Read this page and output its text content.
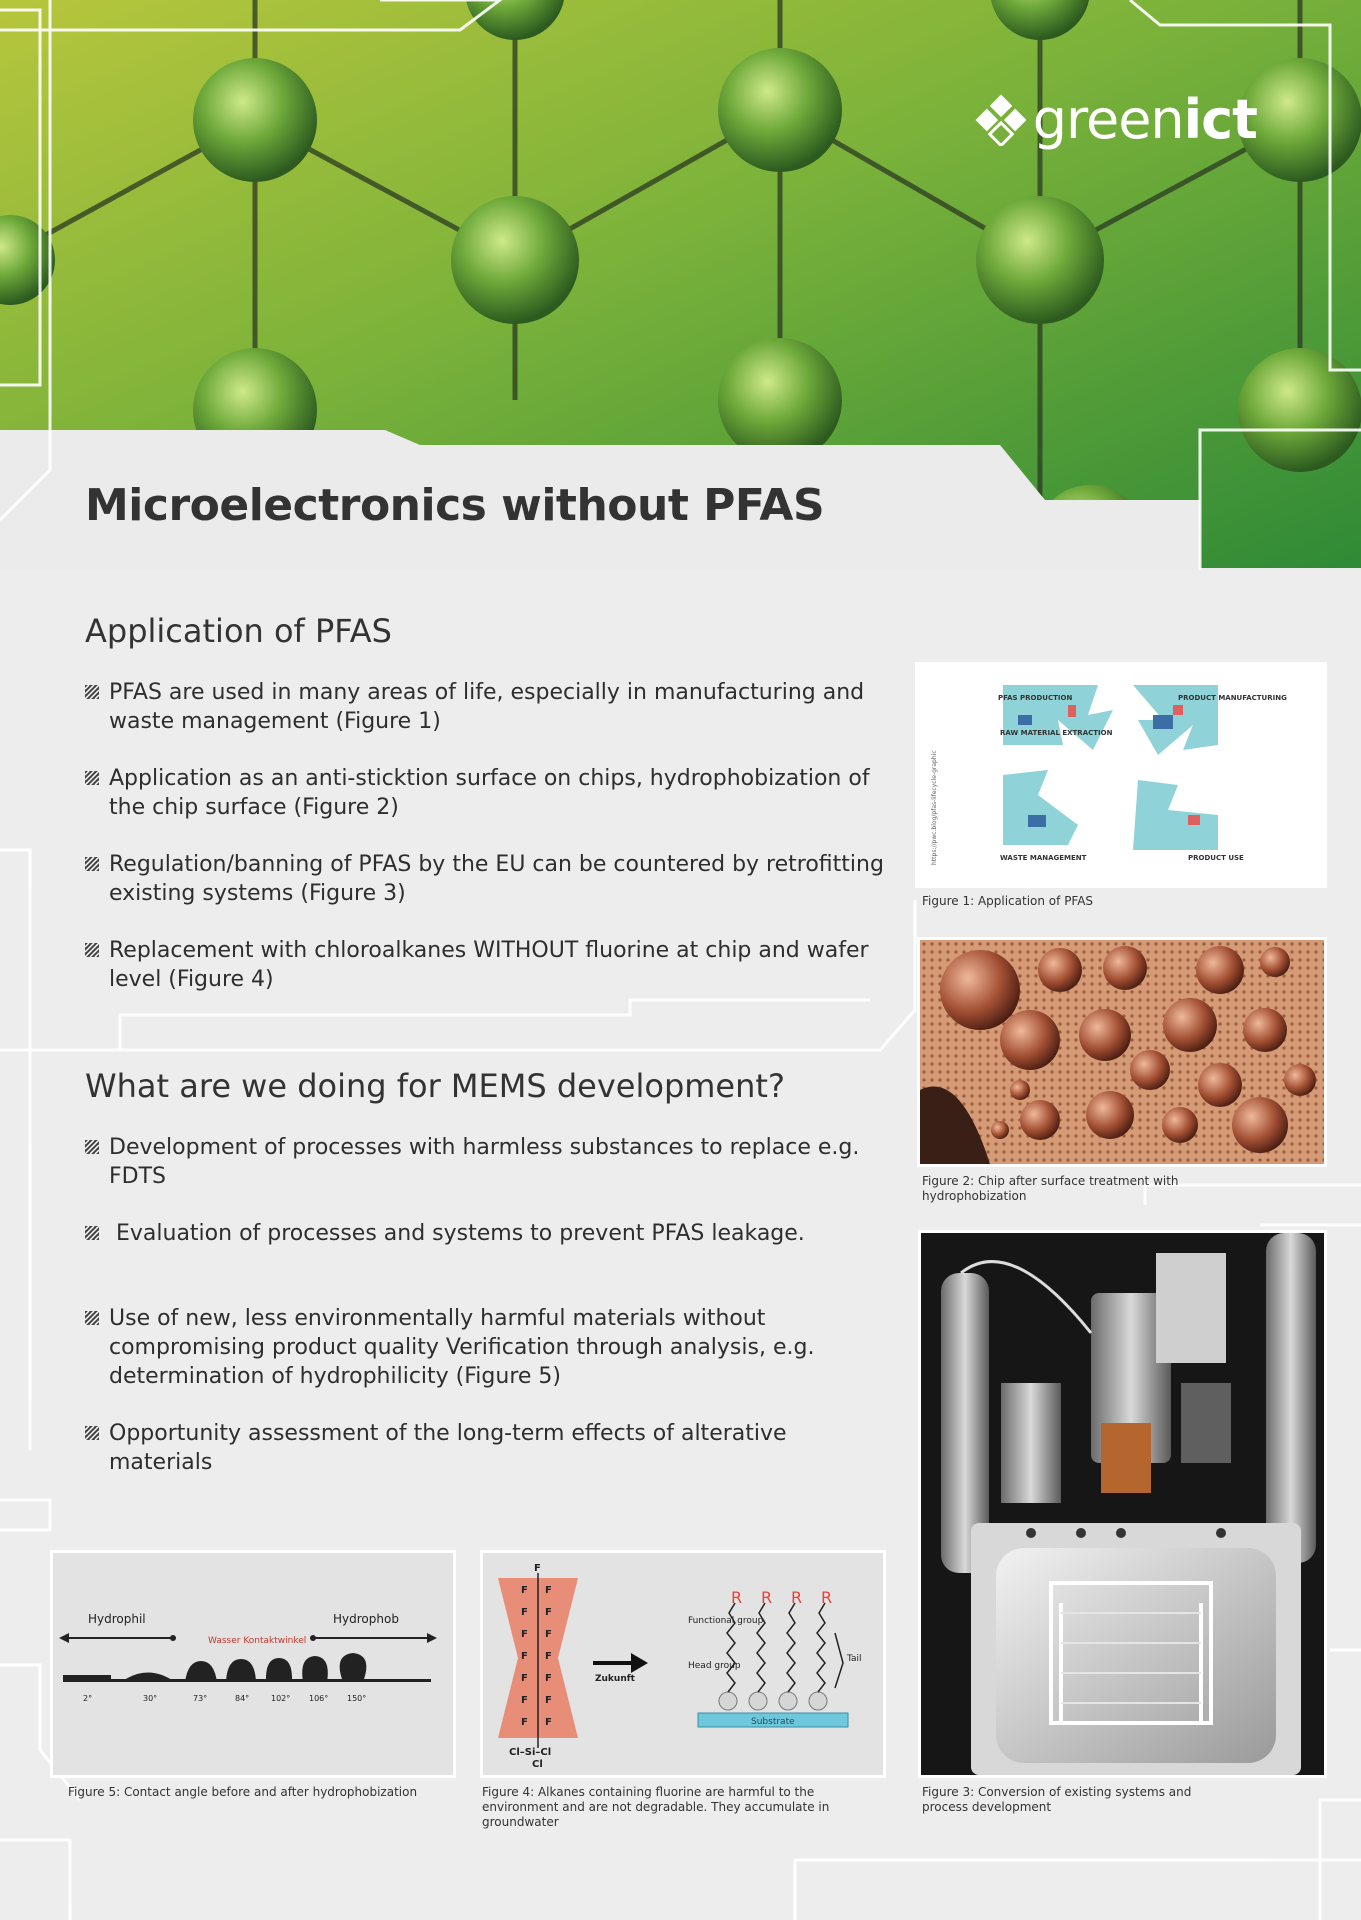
green ict
Microelectronics without PFAS
Application of PFAS
PFAS are used in many areas of life, especially in manufacturing and waste management (Figure 1)
Application as an anti-sticktion surface on chips, hydrophobization of the chip surface (Figure 2)
Regulation/banning of PFAS by the EU can be countered by retrofitting existing systems (Figure 3)
Replacement with chloroalkanes WITHOUT fluorine at chip and wafer level (Figure 4)
What are we doing for MEMS development?
Development of processes with harmless substances to replace e.g. FDTS
Evaluation of processes and systems to prevent PFAS leakage.
Use of new, less environmentally harmful materials without compromising product quality Verification through analysis, e.g. determination of hydrophilicity (Figure 5)
Opportunity assessment of the long-term effects of alterative materials
PFAS PRODUCTION
RAW MATERIAL EXTRACTION
PRODUCT MANUFACTURING
WASTE MANAGEMENT	PRODUCT USE
https://pwc.blog/pfas-lifecycle-graphic
Figure 1: Application of PFAS
Figure 2: Chip after surface treatment with hydrophobization
Figure 3: Conversion of existing systems and process development
Hydrophil	Hydrophob
Wasser Kontaktwinkel
2°	30°	73°	84°	102° 106° 150°
Figure 5: Contact angle before and after hydrophobization
F
F F
F F
F F
F F
F F
F F
F F
Cl–Si–Cl
Cl
Zukunft
Substrate
R R R R
Functional group
Head group
Tail
Figure 4: Alkanes containing fluorine are harmful to the environment and are not degradable. They accumulate in groundwater
